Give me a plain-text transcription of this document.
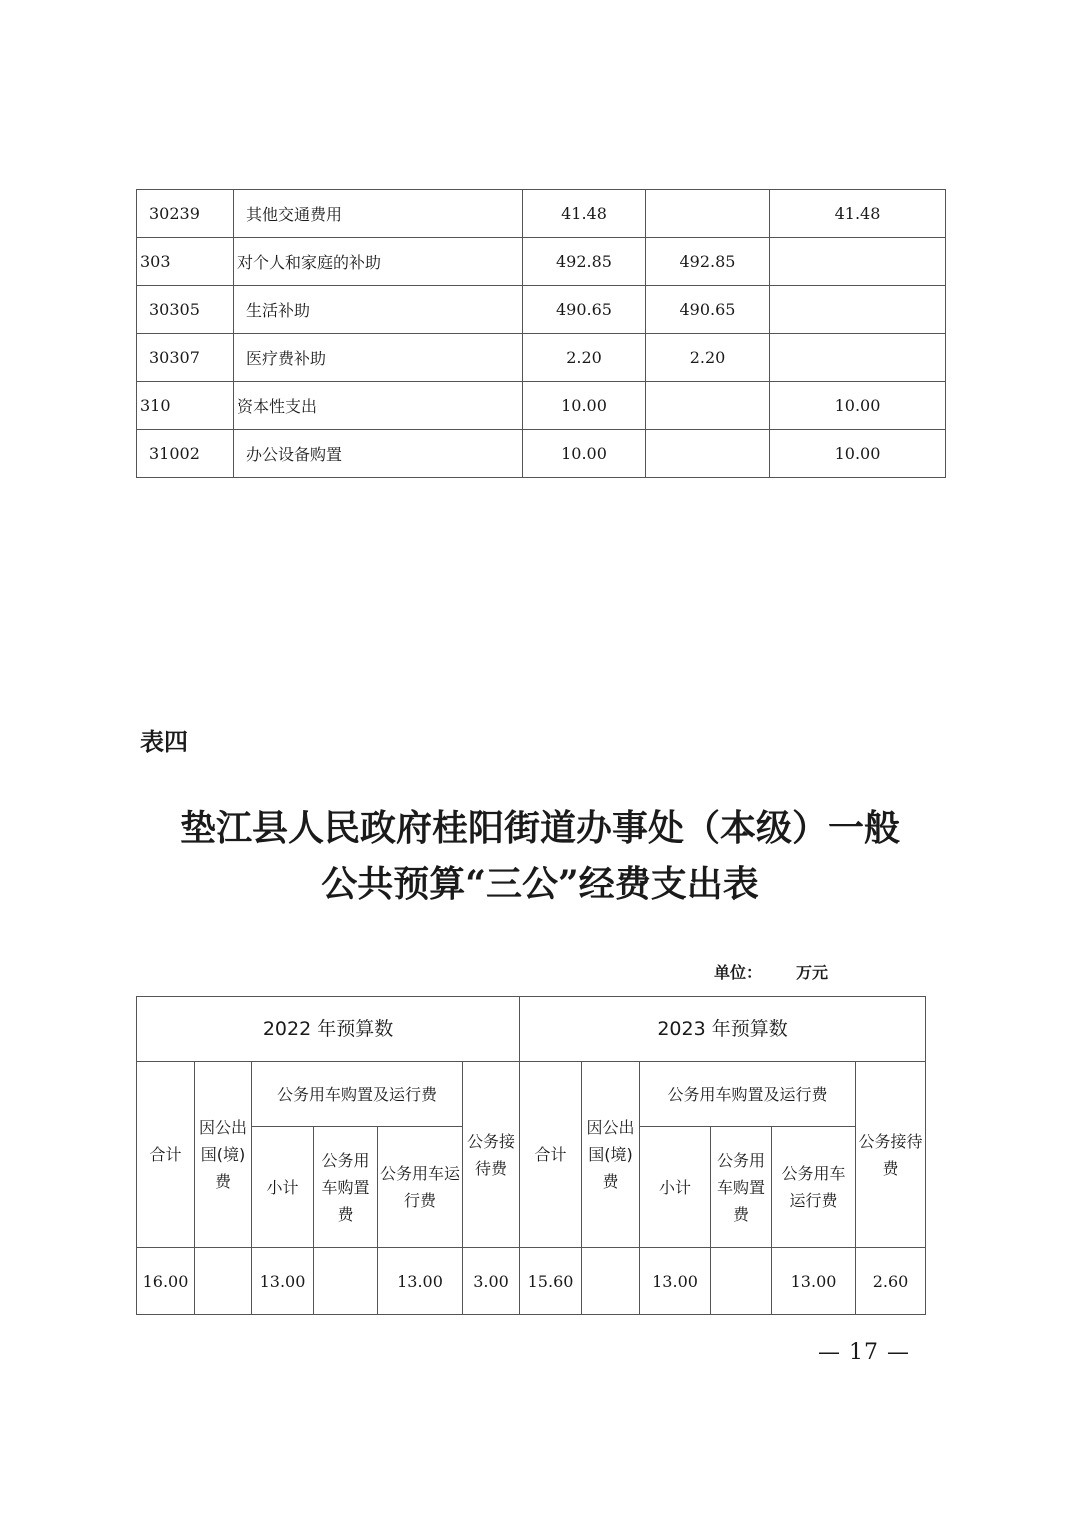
30239	其他交通费用	41.48		41.48
303	对个人和家庭的补助	492.85	492.85	
30305	生活补助	490.65	490.65	
30307	医疗费补助	2.20	2.20	
310	资本性支出	10.00		10.00
31002	办公设备购置	10.00		10.00

表四

垫江县人民政府桂阳街道办事处（本级）一般
公共预算“三公”经费支出表
单位： 万元
2022 年预算数						2023 年预算数					
合计	因公出国(境)费	公务用车购置及运行费			公务接待费	合计	因公出国(境)费	公务用车购置及运行费			公务接待费
		小计	公务用车购置费	公务用车运行费				小计	公务用车购置费	公务用车运行费	
16.00		13.00		13.00	3.00	15.60		13.00		13.00	2.60
— 17 —
